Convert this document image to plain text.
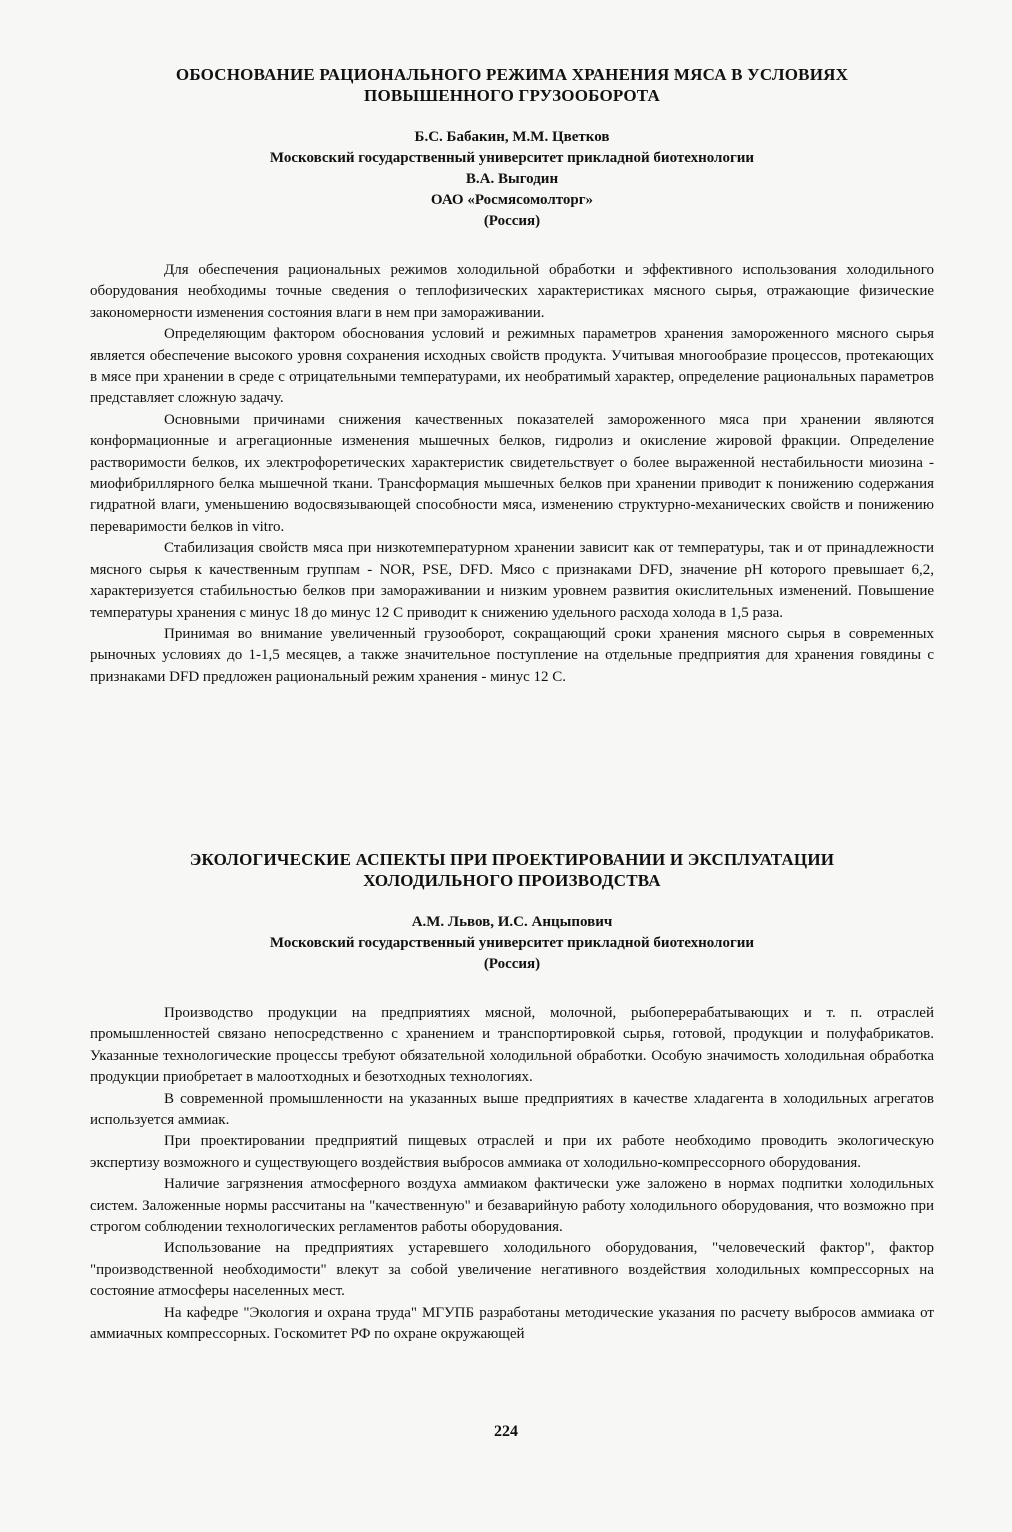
ОБОСНОВАНИЕ РАЦИОНАЛЬНОГО РЕЖИМА ХРАНЕНИЯ МЯСА В УСЛОВИЯХ
ПОВЫШЕННОГО ГРУЗООБОРОТА
Б.С. Бабакин, М.М. Цветков
Московский государственный университет прикладной биотехнологии
В.А. Выгодин
ОАО «Росмясомолторг»
(Россия)

Для обеспечения рациональных режимов холодильной обработки и эффективного использования холодильного оборудования необходимы точные сведения о теплофизических характеристиках мясного сырья, отражающие физические закономерности изменения состояния влаги в нем при замораживании.

Определяющим фактором обоснования условий и режимных параметров хранения замороженного мясного сырья является обеспечение высокого уровня сохранения исходных свойств продукта. Учитывая многообразие процессов, протекающих в мясе при хранении в среде с отрицательными температурами, их необратимый характер, определение рациональных параметров представляет сложную задачу.

Основными причинами снижения качественных показателей замороженного мяса при хранении являются конформационные и агрегационные изменения мышечных белков, гидролиз и окисление жировой фракции. Определение растворимости белков, их электрофоретических характеристик свидетельствует о более выраженной нестабильности миозина - миофибриллярного белка мышечной ткани. Трансформация мышечных белков при хранении приводит к понижению содержания гидратной влаги, уменьшению водосвязывающей способности мяса, изменению структурно-механических свойств и понижению переваримости белков in vitro.

Стабилизация свойств мяса при низкотемпературном хранении зависит как от температуры, так и от принадлежности мясного сырья к качественным группам - NOR, PSE, DFD. Мясо с признаками DFD, значение pH которого превышает 6,2, характеризуется стабильностью белков при замораживании и низким уровнем развития окислительных изменений. Повышение температуры хранения с минус 18 до минус 12 С приводит к снижению удельного расхода холода в 1,5 раза.

Принимая во внимание увеличенный грузооборот, сокращающий сроки хранения мясного сырья в современных рыночных условиях до 1-1,5 месяцев, а также значительное поступление на отдельные предприятия для хранения говядины с признаками DFD предложен рациональный режим хранения - минус 12 С.

ЭКОЛОГИЧЕСКИЕ АСПЕКТЫ ПРИ ПРОЕКТИРОВАНИИ И ЭКСПЛУАТАЦИИ
ХОЛОДИЛЬНОГО ПРОИЗВОДСТВА
А.М. Львов, И.С. Анцыпович
Московский государственный университет прикладной биотехнологии
(Россия)

Производство продукции на предприятиях мясной, молочной, рыбоперерабатывающих и т. п. отраслей промышленностей связано непосредственно с хранением и транспортировкой сырья, готовой, продукции и полуфабрикатов. Указанные технологические процессы требуют обязательной холодильной обработки. Особую значимость холодильная обработка продукции приобретает в малоотходных и безотходных технологиях.

В современной промышленности на указанных выше предприятиях в качестве хладагента в холодильных агрегатов используется аммиак.

При проектировании предприятий пищевых отраслей и при их работе необходимо проводить экологическую экспертизу возможного и существующего воздействия выбросов аммиака от холодильно-компрессорного оборудования.

Наличие загрязнения атмосферного воздуха аммиаком фактически уже заложено в нормах подпитки холодильных систем. Заложенные нормы рассчитаны на "качественную" и безаварийную работу холодильного оборудования, что возможно при строгом соблюдении технологических регламентов работы оборудования.

Использование на предприятиях устаревшего холодильного оборудования, "человеческий фактор", фактор "производственной необходимости" влекут за собой увеличение негативного воздействия холодильных компрессорных на состояние атмосферы населенных мест.

На кафедре "Экология и охрана труда" МГУПБ разработаны методические указания по расчету выбросов аммиака от аммиачных компрессорных. Госкомитет РФ по охране окружающей

224
